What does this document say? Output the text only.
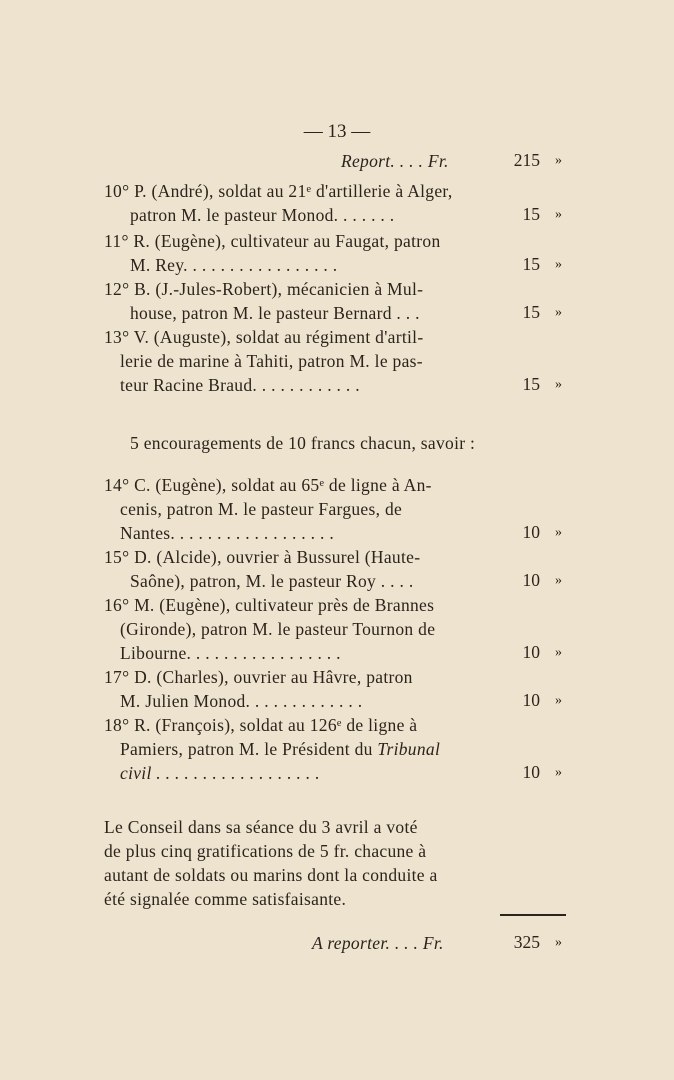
— 13 —
Report. . . . Fr.	215 »
10° P. (André), soldat au 21ᵉ d'artillerie à Alger,
patron M. le pasteur Monod. . . . . . .	15 »
11° R. (Eugène), cultivateur au Faugat, patron
M. Rey. . . . . . . . . . . . . . . . .	15 »
12° B. (J.-Jules-Robert), mécanicien à Mul-
house, patron M. le pasteur Bernard . . .	15 »
13° V. (Auguste), soldat au régiment d'artil-
lerie de marine à Tahiti, patron M. le pas-
teur Racine Braud. . . . . . . . . . . .	15 »
5 encouragements de 10 francs chacun, savoir :
14° C. (Eugène), soldat au 65ᵉ de ligne à An-
cenis, patron M. le pasteur Fargues, de
Nantes. . . . . . . . . . . . . . . . . .	10 »
15° D. (Alcide), ouvrier à Bussurel (Haute-
Saône), patron, M. le pasteur Roy . . . .	10 »
16° M. (Eugène), cultivateur près de Brannes
(Gironde), patron M. le pasteur Tournon de
Libourne. . . . . . . . . . . . . . . . .	10 »
17° D. (Charles), ouvrier au Hâvre, patron
M. Julien Monod. . . . . . . . . . . . .	10 »
18° R. (François), soldat au 126ᵉ de ligne à
Pamiers, patron M. le Président du Tribunal
civil . . . . . . . . . . . . . . . . . .	10 »
Le Conseil dans sa séance du 3 avril a voté
de plus cinq gratifications de 5 fr. chacune à
autant de soldats ou marins dont la conduite a
été signalée comme satisfaisante.
A reporter. . . . Fr.	325 »
